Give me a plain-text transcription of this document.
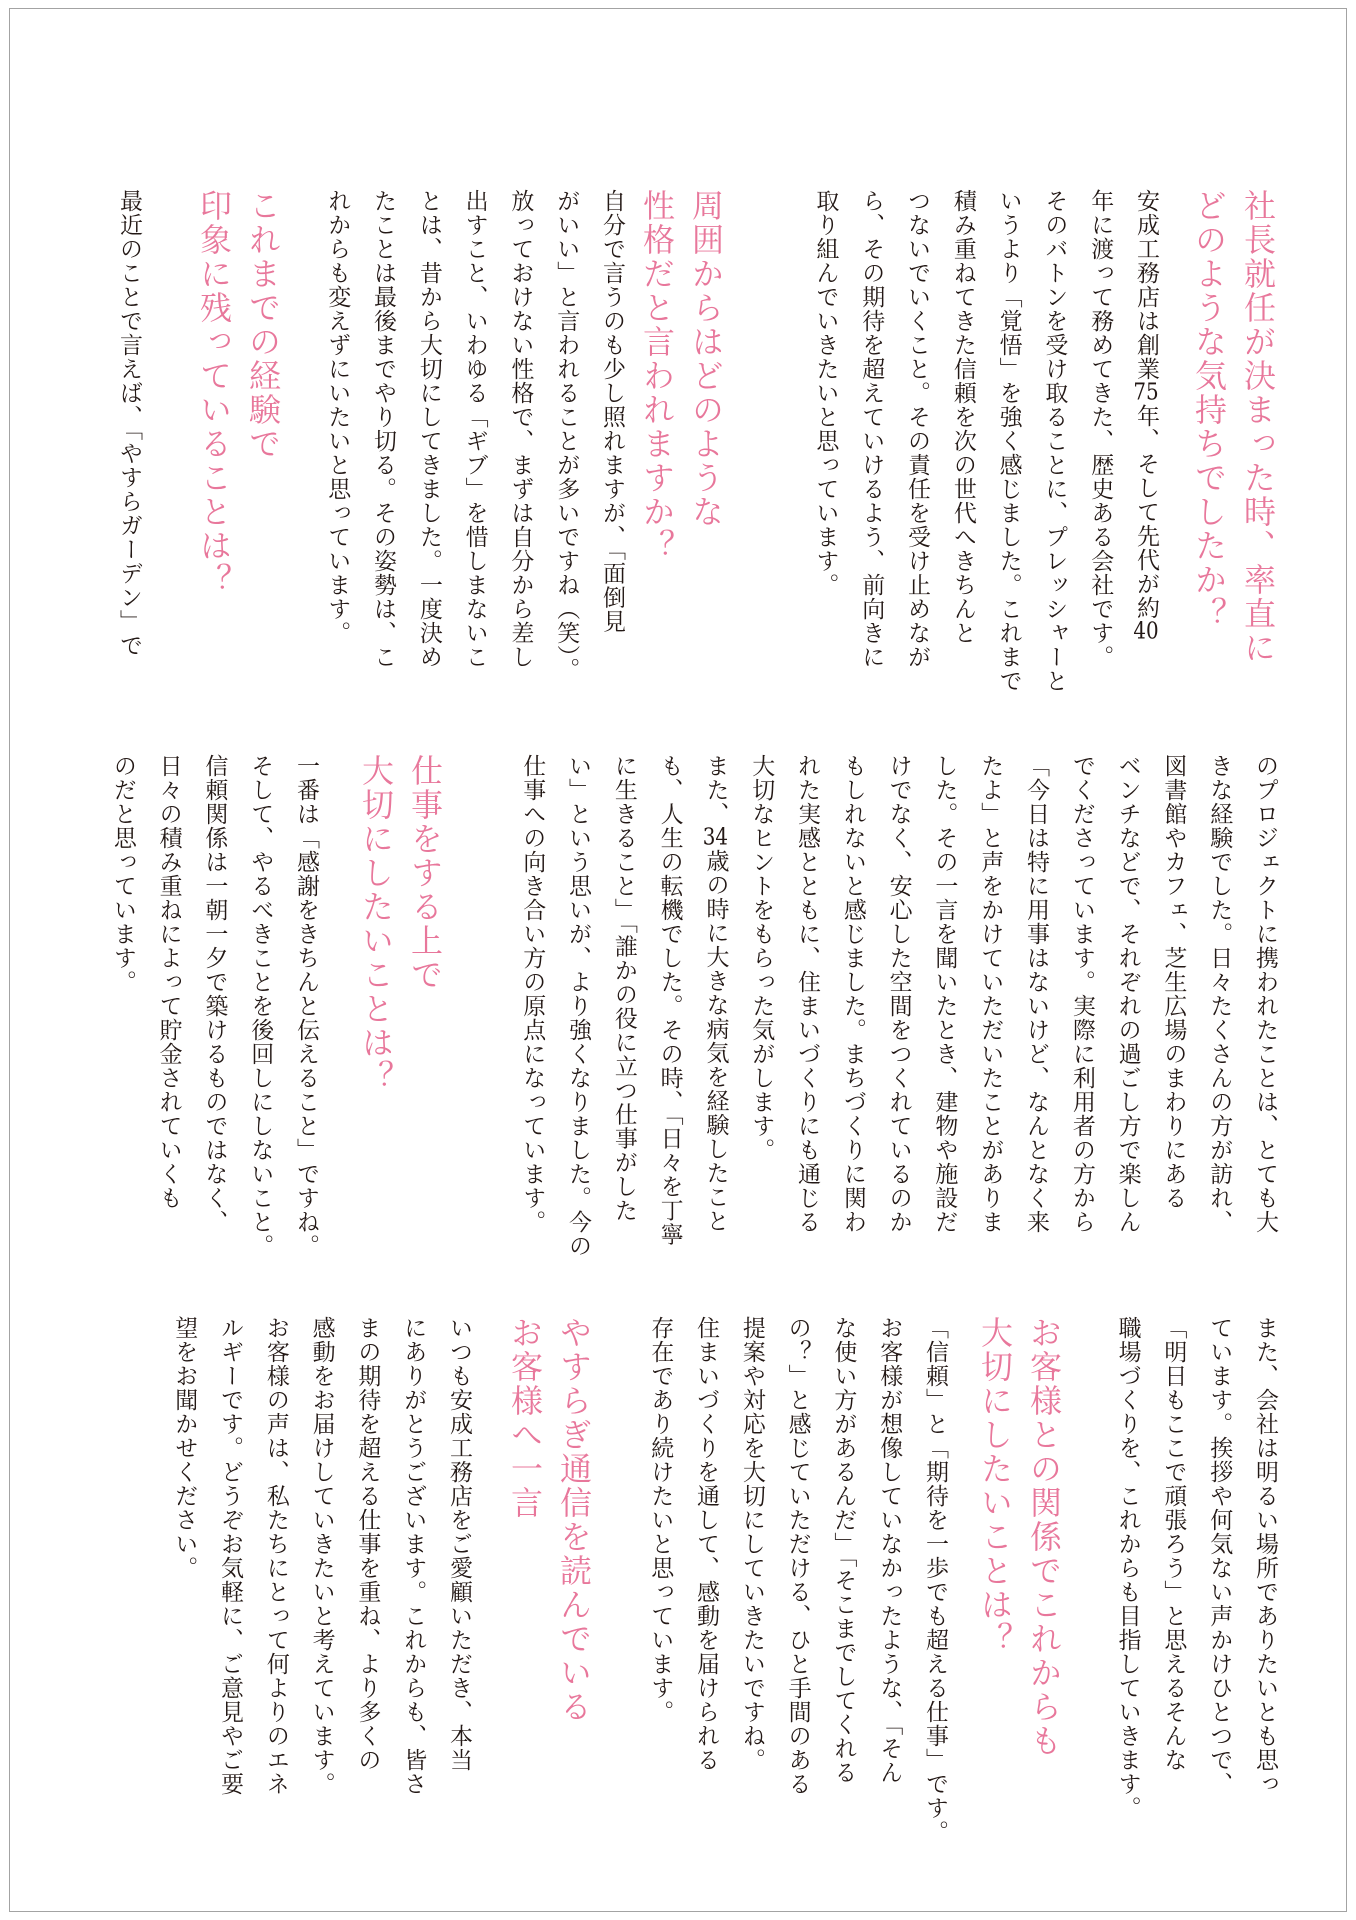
社長就任が決まった時、率直に
どのような気持ちでしたか？
安成工務店は創業75年、そして先代が約40
年に渡って務めてきた、歴史ある会社です。
そのバトンを受け取ることに、プレッシャーと
いうより「覚悟」を強く感じました。これまで
積み重ねてきた信頼を次の世代へきちんと
つないでいくこと。その責任を受け止めなが
ら、その期待を超えていけるよう、前向きに
取り組んでいきたいと思っています。
周囲からはどのような
性格だと言われますか？
自分で言うのも少し照れますが、「面倒見
がいい」と言われることが多いですね（笑）。
放っておけない性格で、まずは自分から差し
出すこと、いわゆる「ギブ」を惜しまないこ
とは、昔から大切にしてきました。一度決め
たことは最後までやり切る。その姿勢は、こ
れからも変えずにいたいと思っています。
これまでの経験で
印象に残っていることは？
最近のことで言えば、「やすらガーデン」で
のプロジェクトに携われたことは、とても大
きな経験でした。日々たくさんの方が訪れ、
図書館やカフェ、芝生広場のまわりにある
ベンチなどで、それぞれの過ごし方で楽しん
でくださっています。実際に利用者の方から
「今日は特に用事はないけど、なんとなく来
たよ」と声をかけていただいたことがありま
した。その一言を聞いたとき、建物や施設だ
けでなく、安心した空間をつくれているのか
もしれないと感じました。まちづくりに関わ
れた実感とともに、住まいづくりにも通じる
大切なヒントをもらった気がします。
また、34歳の時に大きな病気を経験したこと
も、人生の転機でした。その時、「日々を丁寧
に生きること」「誰かの役に立つ仕事がした
い」という思いが、より強くなりました。今の
仕事への向き合い方の原点になっています。
仕事をする上で
大切にしたいことは？
一番は「感謝をきちんと伝えること」ですね。
そして、やるべきことを後回しにしないこと。
信頼関係は一朝一夕で築けるものではなく、
日々の積み重ねによって貯金されていくも
のだと思っています。
また、会社は明るい場所でありたいとも思っ
ています。挨拶や何気ない声かけひとつで、
「明日もここで頑張ろう」と思えるそんな
職場づくりを、これからも目指していきます。
お客様との関係でこれからも
大切にしたいことは？
「信頼」と「期待を一歩でも超える仕事」です。
お客様が想像していなかったような、「そん
な使い方があるんだ」「そこまでしてくれる
の？」と感じていただける、ひと手間のある
提案や対応を大切にしていきたいですね。
住まいづくりを通して、感動を届けられる
存在であり続けたいと思っています。
やすらぎ通信を読んでいる
お客様へ一言
いつも安成工務店をご愛顧いただき、本当
にありがとうございます。これからも、皆さ
まの期待を超える仕事を重ね、より多くの
感動をお届けしていきたいと考えています。
お客様の声は、私たちにとって何よりのエネ
ルギーです。どうぞお気軽に、ご意見やご要
望をお聞かせください。
